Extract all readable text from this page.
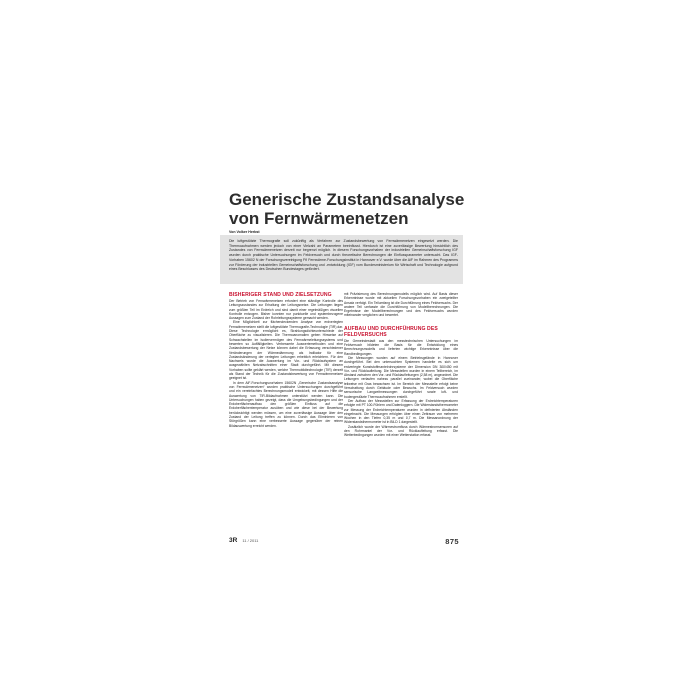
Generische Zustandsanalyse von Fernwärmenetzen
Von Volker Herbst

Die luftgestützte Thermografie soll zukünftig als Verfahren zur Zustandsbewertung von Fernwärmenetzen eingesetzt werden. Die Thermoaufnahmen werden jedoch von einer Vielzahl an Parametern beeinflusst. Hierdurch ist eine zuverlässige Bewertung hinsichtlich des Zustandes von Fernwärmenetzen derzeit nur begrenzt möglich. In diesem Forschungsvorhaben der industriellen Gemeinschaftsforschung IGF wurden durch praktische Untersuchungen im Feldversuch und durch theoretische Berechnungen die Einflussparameter untersucht. Das IGF-Vorhaben 15602 N der Forschungsvereinigung FfI Fernwärme-Forschungsinstitut in Hannover e.V. wurde über die AiF im Rahmen des Programms zur Förderung der industriellen Gemeinschaftsforschung und -entwicklung (IGF) vom Bundesministerium für Wirtschaft und Technologie aufgrund eines Beschlusses des Deutschen Bundestages gefördert.

BISHERIGER STAND UND ZIELSETZUNG

Der Betrieb von Fernwärmenetzen erfordert eine ständige Kontrolle des Leitungszustandes zur Erhaltung der Leitungsnetze. Die Leitungen liegen zum größten Teil im Erdreich und sind damit einer regelmäßigen visuellen Kontrolle entzogen. Bisher konnten nur punktuelle und systembezogene Aussagen zum Zustand der Rohrleitungssysteme gemacht werden.

Eine Möglichkeit zur flächendeckenden Analyse von erdverlegten Fernwärmenetzen stellt die luftgestützte Thermografie-Technologie (TIR) dar. Diese Technologie ermöglicht es, Strahlungsdichteunterschiede der Oberfläche zu visualisieren. Die Thermoanomalien geben Hinweise auf Schwachstellen im Isoliervermögen des Fernwärmeleitungssystems und bewerten so Auffälligkeiten. Verbesserte Auswertemethoden und eine Zustandsbewertung der Netze können dabei die Erfassung verschiedener Veränderungen der Wärmedämmung als Indikator für eine Zustandsänderung der verlegten Leitungen erheblich erleichtern. Für den Nachweis wurde die Auswertung im Vor- und Rücklaufsystem an ausgewählten Netzabschnitten einer Stadt durchgeführt. Mit diesem Vorhaben sollte geklärt werden, welche Thermobildtechnologie (TIR) derzeit als Stand der Technik für die Zustandsbewertung von Fernwärmenetzen geeignet ist.

In dem AiF-Forschungsvorhaben 15602N „Generische Zustandsanalyse von Fernwärmenetzen“ wurden praktische Untersuchungen durchgeführt und ein vereinfachtes Berechnungsmodell entwickelt, mit dessen Hilfe die Auswertung von TIR-Bildaufnahmen unterstützt werden kann. Die Untersuchungen haben gezeigt, dass die Umgebungsbedingungen und der Erdoberflächenaufbau den größten Einfluss auf die Erdoberflächentemperatur ausüben und wie diese bei der Bewertung berücksichtigt werden müssen, um eine zuverlässige Aussage über den Zustand der Leitung treffen zu können. Durch das Eliminieren von Störgrößen kann eine verbesserte Aussage gegenüber der reinen Bildauswertung erreicht werden.

mit Präzisierung des Berechnungsmodells möglich wird. Auf Basis dieser Erkenntnisse wurde mit aktuellen Forschungsvorhaben ein zweigeteilter Ansatz verfolgt. Ein Teilumfang ist die Durchführung eines Feldversuchs. Der andere Teil umfasste die Durchführung von Modellberechnungen. Die Ergebnisse der Modellberechnungen und des Feldversuchs wurden miteinander verglichen und bewertet.

AUFBAU UND DURCHFÜHRUNG DES FELDVERSUCHS

Die Gemeindestadt aus den messtechnischen Untersuchungen im Feldversuch bildeten die Basis für die Entwicklung eines Berechnungsmodells und lieferten wichtige Erkenntnisse über die Randbedingungen.

Die Messungen wurden auf einem Betriebsgelände in Hannover durchgeführt. Bei den untersuchten Systemen handelte es sich um erdverlegte Kunststoffmantelrohrsysteme der Dimension DN 300/450 mit Vor- und Rücklaufleitung. Die Messstellen wurden in einem Teilbereich, im Abstand zwischen den Vor- und Rücklaufleitungen (2,58 m), angeordnet. Die Leitungen verlaufen nahezu parallel zueinander, wobei die Oberfläche teilweise mit Gras bewachsen ist. Im Bereich der Messstelle erfolgt keine Verschattung durch Gebäude oder Bewuchs. Im Feldversuch wurden sensorische Langzeitmessungen durchgeführt sowie luft- und bodengestützte Thermoaufnahmen erstellt.

Der Aufbau der Messstellen zur Erfassung der Erdreichtemperaturen erfolgte mit PT 100-Fühlern und Datenloggern. Die Widerstandsthermometer zur Messung der Erdreichtemperaturen wurden in definierten Abständen eingebracht. Die Messungen erfolgten über einen Zeitraum von mehreren Wochen in den Tiefen 0,35 m und 0,7 m. Die Messanordnung der Widerstandsthermometer ist in BILD 1 dargestellt.

Zusätzlich wurde der Wärmestromfluss durch Wärmestromsensoren auf den Rohrmantel der Vor- und Rücklaufleitung erfasst. Die Wetterbedingungen wurden mit einer Wetterstation erfasst.

3R 11 / 2011	875
